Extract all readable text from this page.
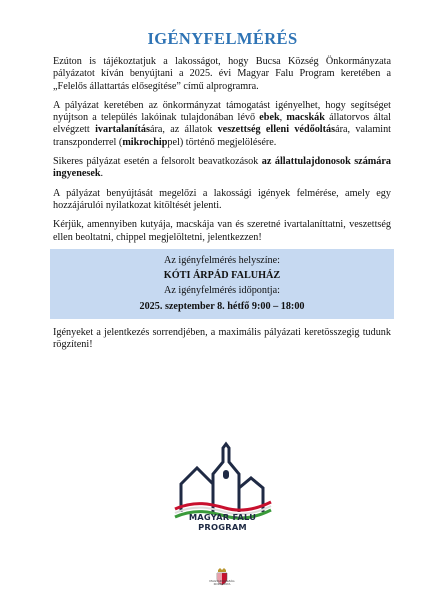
IGÉNYFELMÉRÉS

Ezúton is tájékoztatjuk a lakosságot, hogy Bucsa Község Önkormányzata pályázatot kíván benyújtani a 2025. évi Magyar Falu Program keretében a „Felelős állattartás elősegítése” című alprogramra.

A pályázat keretében az önkormányzat támogatást igényelhet, hogy segítséget nyújtson a település lakóinak tulajdonában lévő ebek, macskák állatorvos által elvégzett ivartalanítására, az állatok veszettség elleni védőoltására, valamint transzponderrel (mikrochippel) történő megjelölésére.

Sikeres pályázat esetén a felsorolt beavatkozások az állattulajdonosok számára ingyenesek.

A pályázat benyújtását megelőzi a lakossági igények felmérése, amely egy hozzájárulói nyilatkozat kitöltését jelenti.

Kérjük, amennyiben kutyája, macskája van és szeretné ivartalaníttatni, veszettség ellen beoltatni, chippel megjelöltetni, jelentkezzen!

Az igényfelmérés helyszíne:
KÓTI ÁRPÁD FALUHÁZ
Az igényfelmérés időpontja:
2025. szeptember 8. hétfő 9:00 – 18:00

Igényeket a jelentkezés sorrendjében, a maximális pályázati keretösszegig tudunk rögzíteni!

MAGYAR FALU
PROGRAM
MAGYARORSZÁG
KORMÁNYA
